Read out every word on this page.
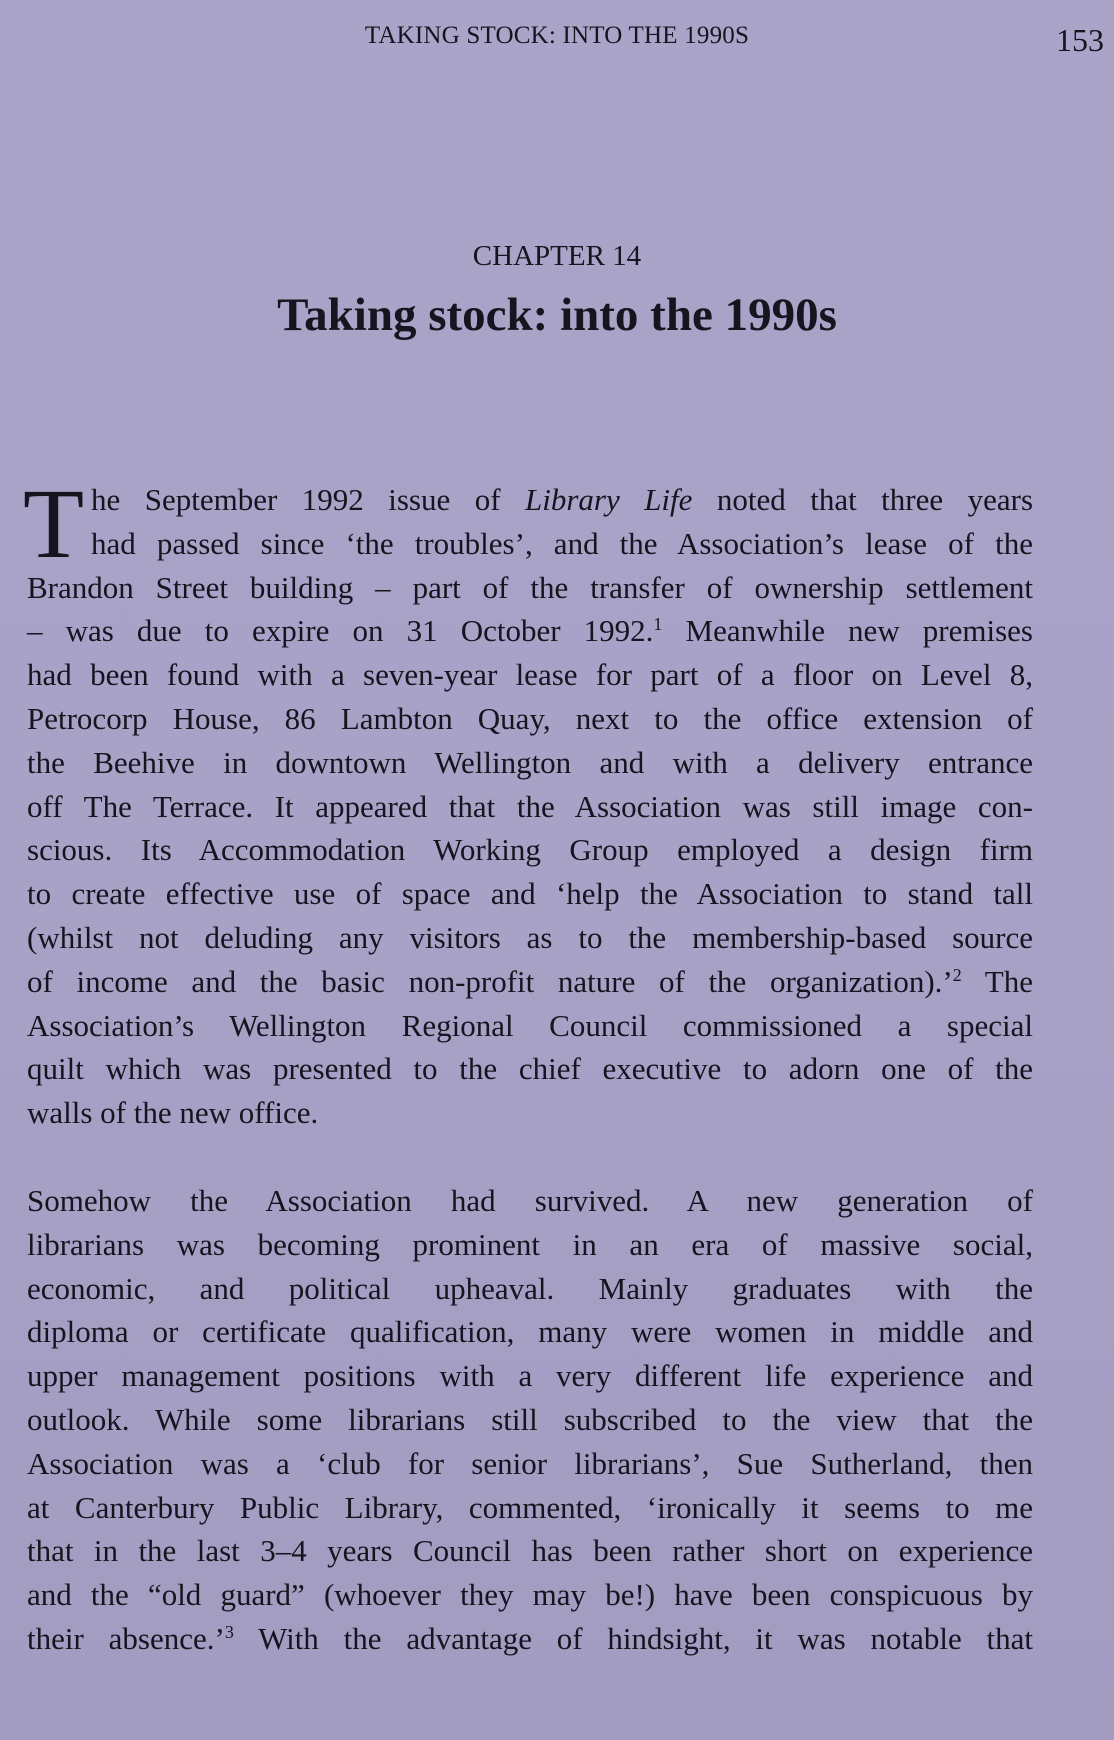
TAKING STOCK: INTO THE 1990S	153
CHAPTER 14
Taking stock: into the 1990s
T he September 1992 issue of Library Life noted that three years
had passed since ‘the troubles’, and the Association’s lease of the
Brandon Street building – part of the transfer of ownership settlement
– was due to expire on 31 October 1992.$^1$ Meanwhile new premises
had been found with a seven-year lease for part of a floor on Level 8,
Petrocorp House, 86 Lambton Quay, next to the office extension of
the Beehive in downtown Wellington and with a delivery entrance
off The Terrace. It appeared that the Association was still image con-
scious. Its Accommodation Working Group employed a design firm
to create effective use of space and ‘help the Association to stand tall
(whilst not deluding any visitors as to the membership-based source
of income and the basic non-profit nature of the organization).’$^2$ The
Association’s Wellington Regional Council commissioned a special
quilt which was presented to the chief executive to adorn one of the
walls of the new office.
Somehow the Association had survived. A new generation of
librarians was becoming prominent in an era of massive social,
economic, and political upheaval. Mainly graduates with the
diploma or certificate qualification, many were women in middle and
upper management positions with a very different life experience and
outlook. While some librarians still subscribed to the view that the
Association was a ‘club for senior librarians’, Sue Sutherland, then
at Canterbury Public Library, commented, ‘ironically it seems to me
that in the last 3–4 years Council has been rather short on experience
and the “old guard” (whoever they may be!) have been conspicuous by
their absence.’$^3$ With the advantage of hindsight, it was notable that
